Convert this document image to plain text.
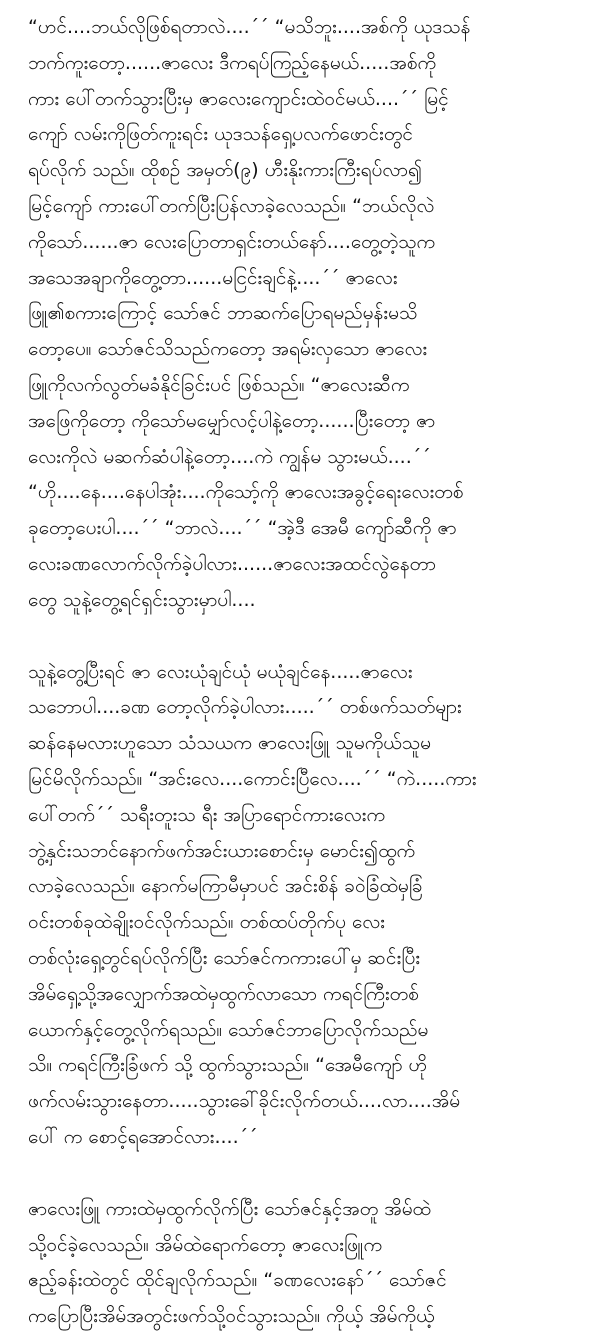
“ဟင်....ဘယ်လိုဖြစ်ရတာလဲ....´´ “မသိဘူး....အစ်ကို ယုဒသန်
ဘက်ကူးတော့......ဇာလေး ဒီကရပ်ကြည့်နေမယ်.....အစ်ကို
ကား ပေါ်တက်သွားပြီးမှ ဇာလေးကျောင်းထဲဝင်မယ်....´´ မြင့်
ကျော် လမ်းကိုဖြတ်ကူးရင်း ယုဒသန်ရှေ့ပလက်ဖောင်းတွင်
ရပ်လိုက် သည်။ ထိုစဉ် အမှတ်(၉) ဟီးနိုးကားကြီးရပ်လာ၍
မြင့်ကျော် ကားပေါ်တက်ပြီးပြန်လာခဲ့လေသည်။ “ဘယ်လိုလဲ
ကိုသော်......ဇာ လေးပြောတာရှင်းတယ်နော်....တွေ့တဲ့သူက
အသေအချာကိုတွေ့တာ......မငြင်းချင်နဲ့....´´ ဇာလေး
ဖြူ၏စကားကြောင့် သော်ဇင် ဘာဆက်ပြောရမည်မှန်းမသိ
တော့ပေ။ သော်ဇင်သိသည်ကတော့ အရမ်းလှသော ဇာလေး
ဖြူကိုလက်လွတ်မခံနိုင်ခြင်းပင် ဖြစ်သည်။ “ဇာလေးဆီက
အဖြေကိုတော့ ကိုသော်မမျှော်လင့်ပါနဲ့တော့......ပြီးတော့ ဇာ
လေးကိုလဲ မဆက်ဆံပါနဲ့တော့....ကဲ ကျွန်မ သွားမယ်....´´
“ဟို....နေ....နေပါအုံး....ကိုသော့်ကို ဇာလေးအခွင့်ရေးလေးတစ်
ခုတော့ပေးပါ....´´ “ဘာလဲ....´´ “အဲ့ဒီ အေမီ ကျော်ဆီကို ဇာ
လေးခဏလောက်လိုက်ခဲ့ပါလား......ဇာလေးအထင်လွဲနေတာ
တွေ သူနဲ့တွေ့ရင်ရှင်းသွားမှာပါ....
သူနဲ့တွေ့ပြီးရင် ဇာ လေးယုံချင်ယုံ မယုံချင်နေ.....ဇာလေး
သဘောပါ....ခဏ တော့လိုက်ခဲ့ပါလား.....´´ တစ်ဖက်သတ်များ
ဆန်နေမလားဟူသော သံသယက ဇာလေးဖြူ သူမကိုယ်သူမ
မြင်မိလိုက်သည်။ “အင်းလေ....ကောင်းပြီလေ....´´ “ကဲ.....ကား
ပေါ်တက်´´ သရီးတူးသ ရီး အပြာရောင်ကားလေးက
ဘွဲ့နှင်းသဘင်နောက်ဖက်အင်းယားစောင်းမှ မောင်း၍ထွက်
လာခဲ့လေသည်။ နောက်မကြာမီမှာပင် အင်းစိန် ခဝဲခြံထဲမှခြံ
ဝင်းတစ်ခုထဲချိုးဝင်လိုက်သည်။ တစ်ထပ်တိုက်ပု လေး
တစ်လုံးရှေ့တွင်ရပ်လိုက်ပြီး သော်ဇင်ကကားပေါ်မှ ဆင်းပြီး
အိမ်ရှေ့သို့အလျှောက်အထဲမှထွက်လာသော ကရင်ကြီးတစ်
ယောက်နှင့်တွေ့လိုက်ရသည်။ သော်ဇင်ဘာပြောလိုက်သည်မ
သိ။ ကရင်ကြီးခြံဖက် သို့ ထွက်သွားသည်။ “အေမီကျော် ဟို
ဖက်လမ်းသွားနေတာ.....သွားခေါ်ခိုင်းလိုက်တယ်....လာ....အိမ်
ပေါ် က စောင့်ရအောင်လား....´´
ဇာလေးဖြူ ကားထဲမှထွက်လိုက်ပြီး သော်ဇင်နှင့်အတူ အိမ်ထဲ
သို့ဝင်ခဲ့လေသည်။ အိမ်ထဲရောက်တော့ ဇာလေးဖြူက
ဧည့်ခန်းထဲတွင် ထိုင်ချလိုက်သည်။ “ခဏလေးနော်´´ သော်ဇင်
ကပြောပြီးအိမ်အတွင်းဖက်သို့ဝင်သွားသည်။ ကိုယ့် အိမ်ကိုယ့်
